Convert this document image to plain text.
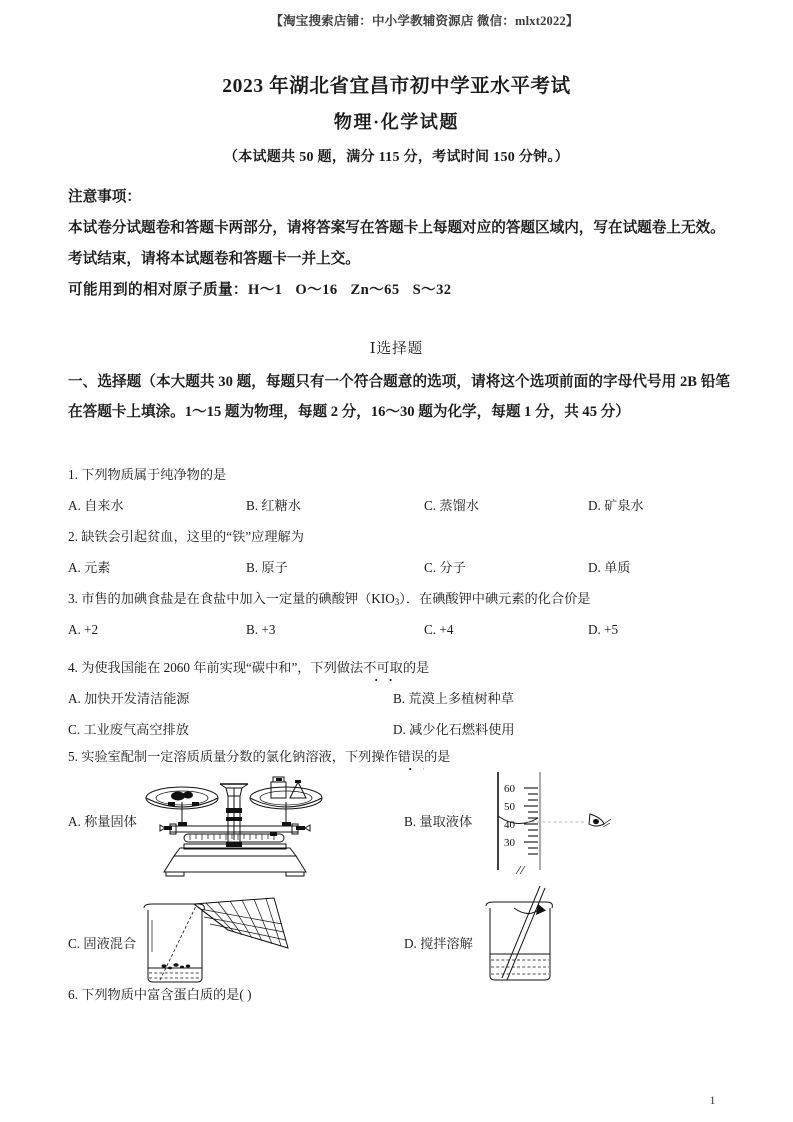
【淘宝搜索店铺：中小学教辅资源店 微信：mlxt2022】
2023 年湖北省宜昌市初中学亚水平考试
物理·化学试题
（本试题共 50 题，满分 115 分，考试时间 150 分钟。）

注意事项：

本试卷分试题卷和答题卡两部分，请将答案写在答题卡上每题对应的答题区域内，写在试题卷上无效。

考试结束，请将本试题卷和答题卡一并上交。

可能用到的相对原子质量：H～1 O～16 Zn～65 S～32

Ⅰ选择题

一、选择题（本大题共 30 题，每题只有一个符合题意的选项，请将这个选项前面的字母代号用 2B 铅笔在答题卡上填涂。1～15 题为物理，每题 2 分，16～30 题为化学，每题 1 分，共 45 分）

1. 下列物质属于纯净物的是
A. 自来水	B. 红糖水	C. 蒸馏水	D. 矿泉水
2. 缺铁会引起贫血，这里的“铁”应理解为
A. 元素	B. 原子	C. 分子	D. 单质
3. 市售的加碘食盐是在食盐中加入一定量的碘酸钾$(KIO_3)$．在碘酸钾中碘元素的化合价是
A. +2	B. +3	C. +4	D. +5
4. 为使我国能在 2060 年前实现“碳中和”，下列做法不可取的是
A. 加快开发清洁能源	B. 荒漠上多植树种草
C. 工业废气高空排放	D. 减少化石燃料使用
5. 实验室配制一定溶质质量分数的氯化钠溶液，下列操作错误的是
A. 称量固体	B. 量取液体
60
50
40
30
C. 固液混合	D. 搅拌溶解
6. 下列物质中富含蛋白质的是( )
1
